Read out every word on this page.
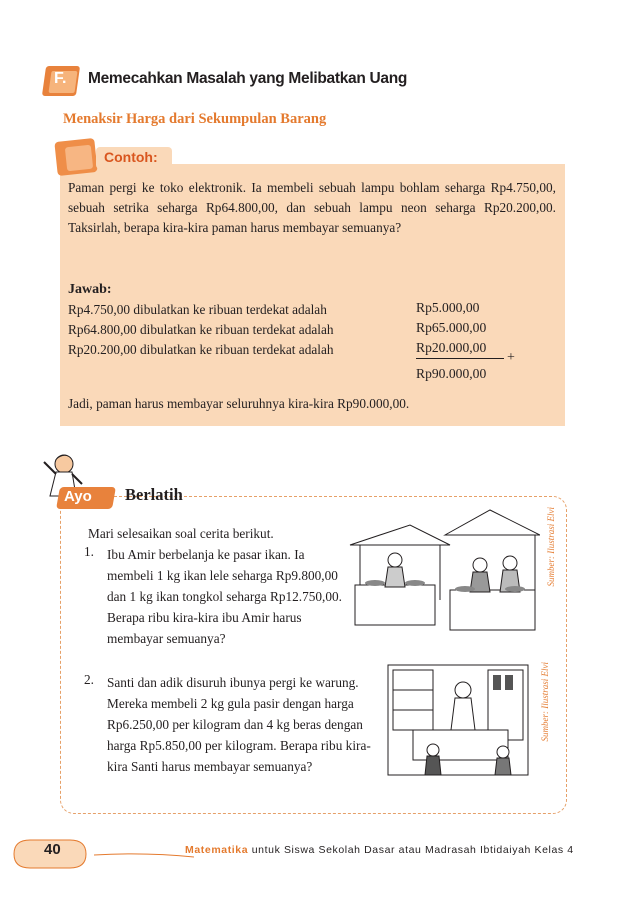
F. Memecahkan Masalah yang Melibatkan Uang
Menaksir Harga dari Sekumpulan Barang
Contoh:
Paman pergi ke toko elektronik. Ia membeli sebuah lampu bohlam seharga Rp4.750,00, sebuah setrika seharga Rp64.800,00, dan sebuah lampu neon seharga Rp20.200,00. Taksirlah, berapa kira-kira paman harus membayar semuanya?
Jawab:
Rp4.750,00 dibulatkan ke ribuan terdekat adalah	Rp5.000,00
Rp64.800,00 dibulatkan ke ribuan terdekat adalah	Rp65.000,00
Rp20.200,00 dibulatkan ke ribuan terdekat adalah	Rp20.000,00
+
Rp90.000,00
Jadi, paman harus membayar seluruhnya kira-kira Rp90.000,00.
Ayo Berlatih
Sumber: Ilustrasi Elvi
Sumber: Ilustrasi Elvi
Mari selesaikan soal cerita berikut.
1. Ibu Amir berbelanja ke pasar ikan. Ia membeli 1 kg ikan lele seharga Rp9.800,00 dan 1 kg ikan tongkol seharga Rp12.750,00. Berapa ribu kira-kira ibu Amir harus membayar semuanya?
2. Santi dan adik disuruh ibunya pergi ke warung. Mereka membeli 2 kg gula pasir dengan harga Rp6.250,00 per kilogram dan 4 kg beras dengan harga Rp5.850,00 per kilogram. Berapa ribu kira-kira Santi harus membayar semuanya?
40	Matematika untuk Siswa Sekolah Dasar atau Madrasah Ibtidaiyah Kelas 4
